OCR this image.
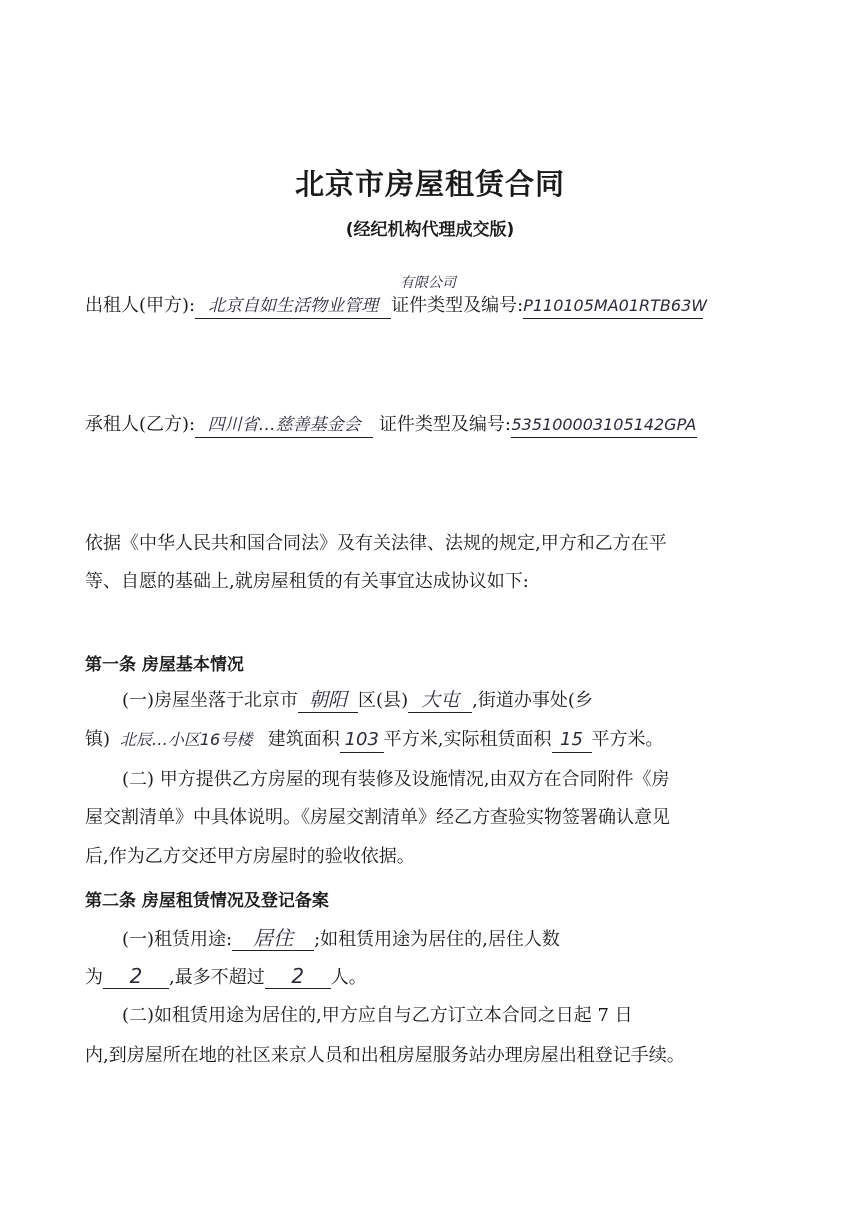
北京市房屋租赁合同
(经纪机构代理成交版)
出租人(甲方): 北京自如生活物业管理 证件类型及编号:P110105MA01RTB63W
有限公司
承租人(乙方): 四川省…慈善基金会 证件类型及编号:535100003105142GPA
依据《中华人民共和国合同法》及有关法律、法规的规定,甲方和乙方在平
等、自愿的基础上,就房屋租赁的有关事宜达成协议如下:
第一条 房屋基本情况
(一)房屋坐落于北京市 朝阳 区(县) 大屯 ,街道办事处(乡
镇) 北辰…小区16号楼 建筑面积 103 平方米,实际租赁面积 15 平方米。
(二) 甲方提供乙方房屋的现有装修及设施情况,由双方在合同附件《房
屋交割清单》中具体说明。《房屋交割清单》经乙方查验实物签署确认意见
后,作为乙方交还甲方房屋时的验收依据。
第二条 房屋租赁情况及登记备案
(一)租赁用途: 居住 ;如租赁用途为居住的,居住人数
为 2 ,最多不超过 2 人。
(二)如租赁用途为居住的,甲方应自与乙方订立本合同之日起 7 日
内,到房屋所在地的社区来京人员和出租房屋服务站办理房屋出租登记手续。
